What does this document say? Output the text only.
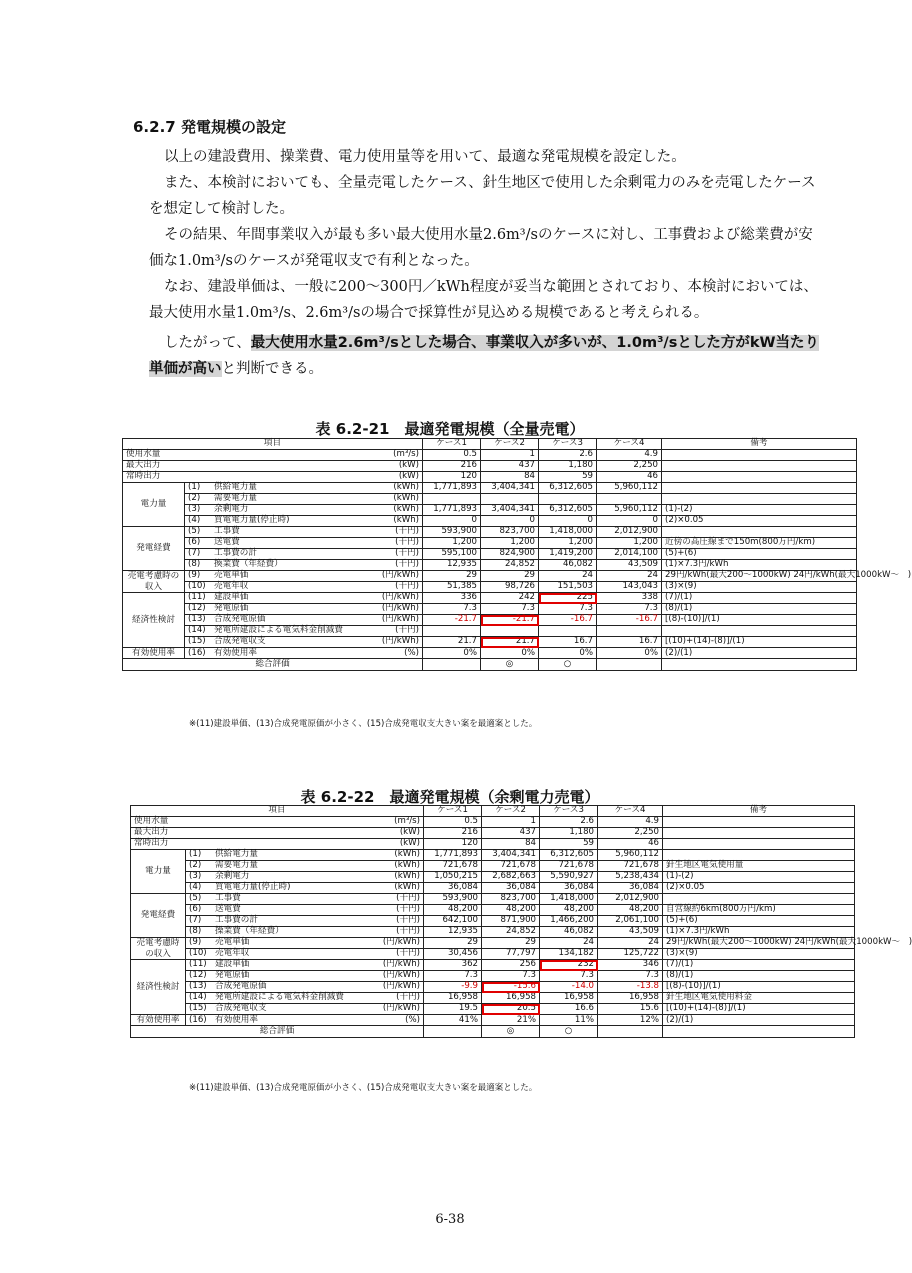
6.2.7 発電規模の設定

以上の建設費用、操業費、電力使用量等を用いて、最適な発電規模を設定した。

また、本検討においても、全量売電したケース、針生地区で使用した余剰電力のみを売電したケースを想定して検討した。

その結果、年間事業収入が最も多い最大使用水量2.6m³/sのケースに対し、工事費および総業費が安価な1.0m³/sのケースが発電収支で有利となった。

なお、建設単価は、一般に200～300円／kWh程度が妥当な範囲とされており、本検討においては、最大使用水量1.0m³/s、2.6m³/sの場合で採算性が見込める規模であると考えられる。

したがって、最大使用水量2.6m³/sとした場合、事業収入が多いが、1.0m³/sとした方がkW当たり単価が高いと判断できる。

表 6.2-21　最適発電規模（全量売電）
項目		ケース1	ケース2	ケース3	ケース4	備考
使用水量 (m³/s)		0.5	1	2.6	4.9	
最大出力 (kW)		216	437	1,180	2,250	
常時出力 (kW)		120	84	59	46	
電力量	(1) 供給電力量 (kWh)	1,771,893	3,404,341	6,312,605	5,960,112	
	(2) 需要電力量 (kWh)					

	(3) 余剰電力 (kWh)	1,771,893	3,404,341	6,312,605	5,960,112	(1)-(2)
	(4) 買電電力量(停止時) (kWh)	0	0	0	0	(2)×0.05
発電経費	(5) 工事費 (千円)	593,900	823,700	1,418,000	2,012,900	
	(6) 送電費 (千円)	1,200	1,200	1,200	1,200	近傍の高圧線まで150m(800万円/km)
	(7) 工事費の計 (千円)	595,100	824,900	1,419,200	2,014,100	(5)+(6)
	(8) 換業費（年経費） (千円)	12,935	24,852	46,082	43,509	(1)×7.3円/kWh
売電考慮時の収入	(9) 売電単価 (円/kWh)	29	29	24	24	29円/kWh(最大200～1000kW) 24円/kWh(最大1000kW～　)
	(10) 売電年収 (千円)	51,385	98,726	151,503	143,043	(3)×(9)
経済性検討	(11) 建設単価 (円/kWh)	336	242	225	338	(7)/(1)
	(12) 発電原価 (円/kWh)	7.3	7.3	7.3	7.3	(8)/(1)
	(13) 合成発電原価 (円/kWh)	-21.7	-21.7	-16.7	-16.7	[(8)-(10)]/(1)
	(14) 発電所建設による電気料金削減費 (千円)					

	(15) 合成発電収支 (円/kWh)	21.7	21.7	16.7	16.7	[(10)+(14)-(8)]/(1)
有効使用率	(16) 有効使用率 (%)	0%	0%	0%	0%	(2)/(1)
総合評価			◎	○		
※(11)建設単価、(13)合成発電原価が小さく、(15)合成発電収支大きい案を最適案とした。
表 6.2-22　最適発電規模（余剰電力売電）
項目		ケース1	ケース2	ケース3	ケース4	備考
使用水量 (m³/s)		0.5	1	2.6	4.9	
最大出力 (kW)		216	437	1,180	2,250	
常時出力 (kW)		120	84	59	46	
電力量	(1) 供給電力量 (kWh)	1,771,893	3,404,341	6,312,605	5,960,112	
	(2) 需要電力量 (kWh)	721,678	721,678	721,678	721,678	針生地区電気使用量
	(3) 余剰電力 (kWh)	1,050,215	2,682,663	5,590,927	5,238,434	(1)-(2)
	(4) 買電電力量(停止時) (kWh)	36,084	36,084	36,084	36,084	(2)×0.05
発電経費	(5) 工事費 (千円)	593,900	823,700	1,418,000	2,012,900	
	(6) 送電費 (千円)	48,200	48,200	48,200	48,200	自営線約6km(800万円/km)
	(7) 工事費の計 (千円)	642,100	871,900	1,466,200	2,061,100	(5)+(6)
	(8) 操業費（年経費） (千円)	12,935	24,852	46,082	43,509	(1)×7.3円/kWh
売電考慮時の収入	(9) 売電単価 (円/kWh)	29	29	24	24	29円/kWh(最大200～1000kW) 24円/kWh(最大1000kW～　)
	(10) 売電年収 (千円)	30,456	77,797	134,182	125,722	(3)×(9)
経済性検討	(11) 建設単価 (円/kWh)	362	256	232	346	(7)/(1)
	(12) 発電原価 (円/kWh)	7.3	7.3	7.3	7.3	(8)/(1)
	(13) 合成発電原価 (円/kWh)	-9.9	-15.6	-14.0	-13.8	[(8)-(10)]/(1)
	(14) 発電所建設による電気料金削減費 (千円)	16,958	16,958	16,958	16,958	針生地区電気使用料金
	(15) 合成発電収支 (円/kWh)	19.5	20.5	16.6	15.6	[(10)+(14)-(8)]/(1)
有効使用率	(16) 有効使用率 (%)	41%	21%	11%	12%	(2)/(1)
総合評価			◎	○		
※(11)建設単価、(13)合成発電原価が小さく、(15)合成発電収支大きい案を最適案とした。
6-38
